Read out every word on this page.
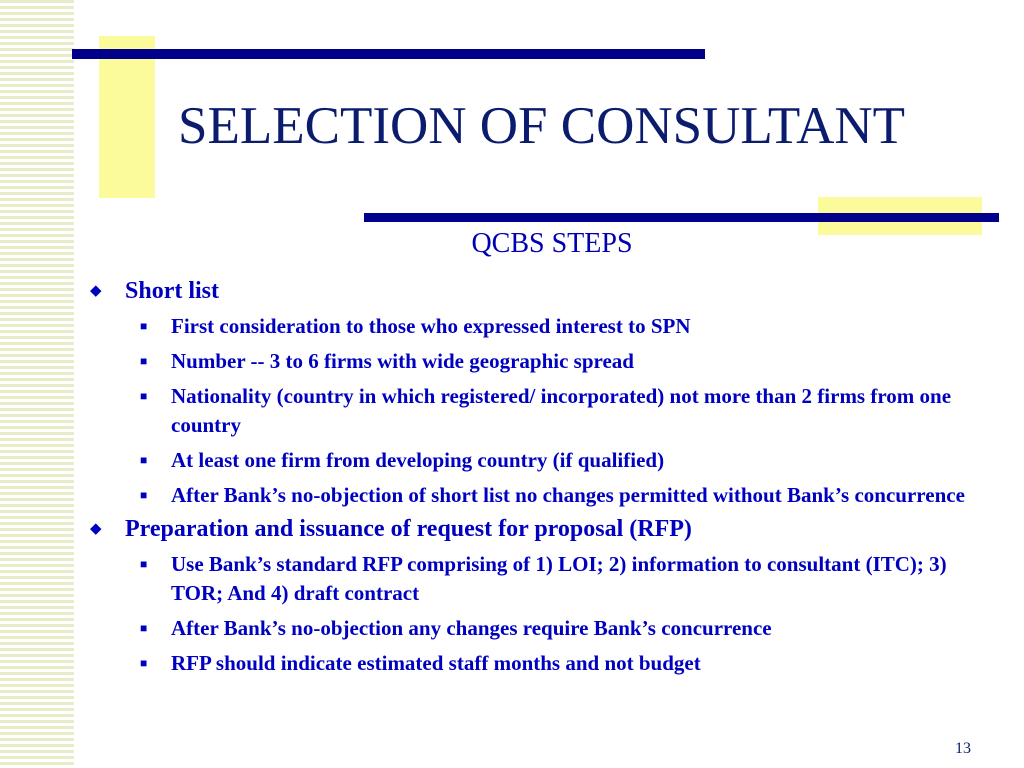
SELECTION OF CONSULTANT
QCBS STEPS
◆ Short list
■ First consideration to those who expressed interest to SPN
■ Number -- 3 to 6 firms with wide geographic spread
■ Nationality (country in which registered/ incorporated) not more than 2 firms from one country
■ At least one firm from developing country (if qualified)
■ After Bank’s no-objection of short list no changes permitted without Bank’s concurrence
◆ Preparation and issuance of request for proposal (RFP)
■ Use Bank’s standard RFP comprising of 1) LOI; 2) information to consultant (ITC); 3) TOR; And 4) draft contract
■ After Bank’s no-objection any changes require Bank’s concurrence
■ RFP should indicate estimated staff months and not budget
13
